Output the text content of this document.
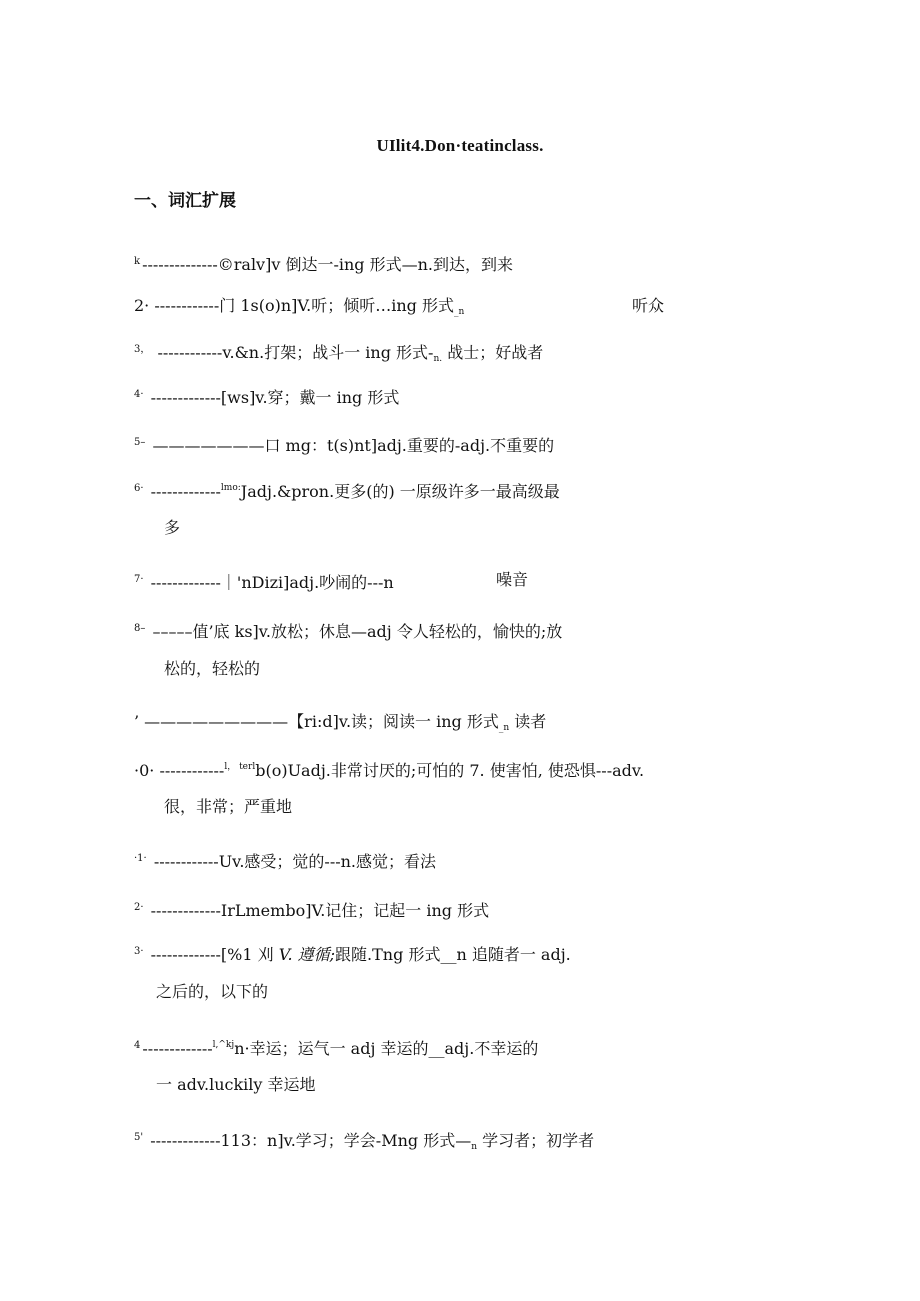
UIlit4.Don·teatinclass.
一、词汇扩展
$^k$ --------------©ralv]v 倒达一-ing 形式—n.到达，到来
2· ------------门 1s(o)n]V.听；倾听…ing 形式_n	听众
$^{3,}$ ------------v.&n.打架；战斗一 ing 形式-n. 战士；好战者
$^{4\cdot}$ -------------[ws]v.穿；戴一 ing 形式
$^{5-}$ ———————口 mg：t(s)nt]adj.重要的-adj.不重要的
$^{6\cdot}$ -------------$^{lmo:}$Jadj.&pron.更多(的) 一原级许多一最高级最
多
$^{7\cdot}$ -------------｜'nDizi]adj.吵闹的---n	噪音
$^{8-}$ –––––值’底 ks]v.放松；休息—adj 令人轻松的，愉快的;放
松的，轻松的
’ —————————【ri:d]v.读；阅读一 ing 形式_n 读者
·0· ------------$^{l, terl}$b(o)Uadj.非常讨厌的;可怕的 7. 使害怕, 使恐惧---adv.
很，非常；严重地
$^{\cdot 1\cdot}$ ------------Uv.感受；觉的---n.感觉；看法
$^{2\cdot}$ -------------IrLmembo]V.记住；记起一 ing 形式
$^{3\cdot}$ -------------[%1 刈 V. 遵循;跟随.Tng 形式__n 追随者一 adj.
之后的，以下的
$^4$ -------------$^{l,\^{}kj}$n·幸运；运气一 adj 幸运的__adj.不幸运的
一 adv.luckily 幸运地
$^{5'}$ -------------113：n]v.学习；学会-Mng 形式—n 学习者；初学者
